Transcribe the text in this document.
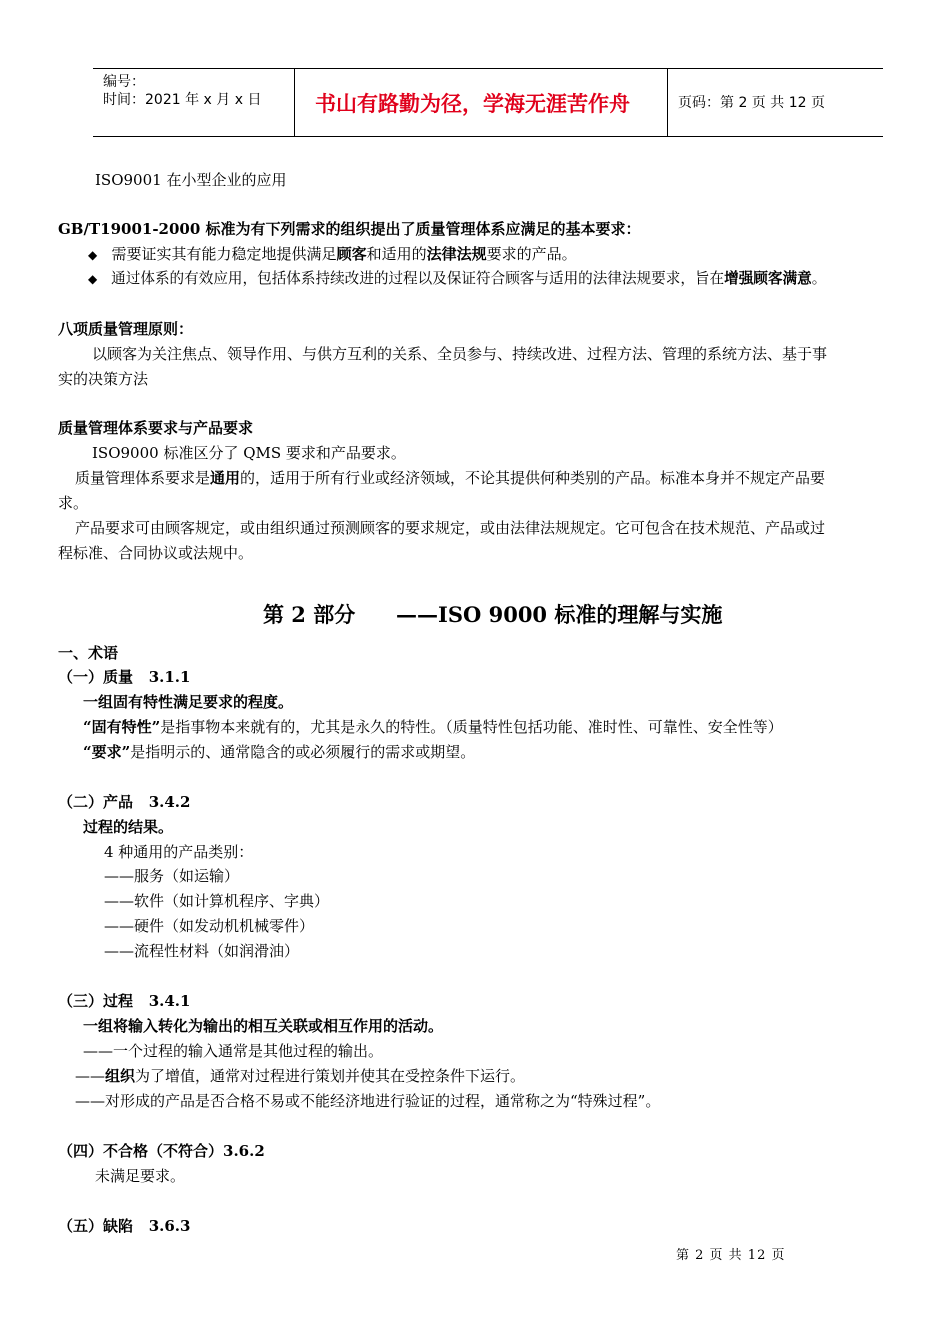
编号：
时间：2021 年 x 月 x 日	书山有路勤为径，学海无涯苦作舟	页码：第 2 页 共 12 页
ISO9001 在小型企业的应用
GB/T19001-2000 标准为有下列需求的组织提出了质量管理体系应满足的基本要求：
◆ 需要证实其有能力稳定地提供满足顾客和适用的法律法规要求的产品。
◆ 通过体系的有效应用，包括体系持续改进的过程以及保证符合顾客与适用的法律法规要求，旨在增强顾客满意。
八项质量管理原则：
以顾客为关注焦点、领导作用、与供方互利的关系、全员参与、持续改进、过程方法、管理的系统方法、基于事
实的决策方法
质量管理体系要求与产品要求
ISO9000 标准区分了 QMS 要求和产品要求。
质量管理体系要求是通用的，适用于所有行业或经济领域，不论其提供何种类别的产品。标准本身并不规定产品要
求。
产品要求可由顾客规定，或由组织通过预测顾客的要求规定，或由法律法规规定。它可包含在技术规范、产品或过
程标准、合同协议或法规中。
第 2 部分 ——ISO 9000 标准的理解与实施
一、术语
（一）质量 3.1.1
一组固有特性满足要求的程度。
“固有特性”是指事物本来就有的，尤其是永久的特性。（质量特性包括功能、准时性、可靠性、安全性等）
“要求”是指明示的、通常隐含的或必须履行的需求或期望。
（二）产品 3.4.2
过程的结果。
4 种通用的产品类别：
——服务（如运输）
——软件（如计算机程序、字典）
——硬件（如发动机机械零件）
——流程性材料（如润滑油）
（三）过程 3.4.1
一组将输入转化为输出的相互关联或相互作用的活动。
——一个过程的输入通常是其他过程的输出。
——组织为了增值，通常对过程进行策划并使其在受控条件下运行。
——对形成的产品是否合格不易或不能经济地进行验证的过程，通常称之为“特殊过程”。
（四）不合格（不符合）3.6.2
未满足要求。
（五）缺陷 3.6.3
第 2 页 共 12 页
